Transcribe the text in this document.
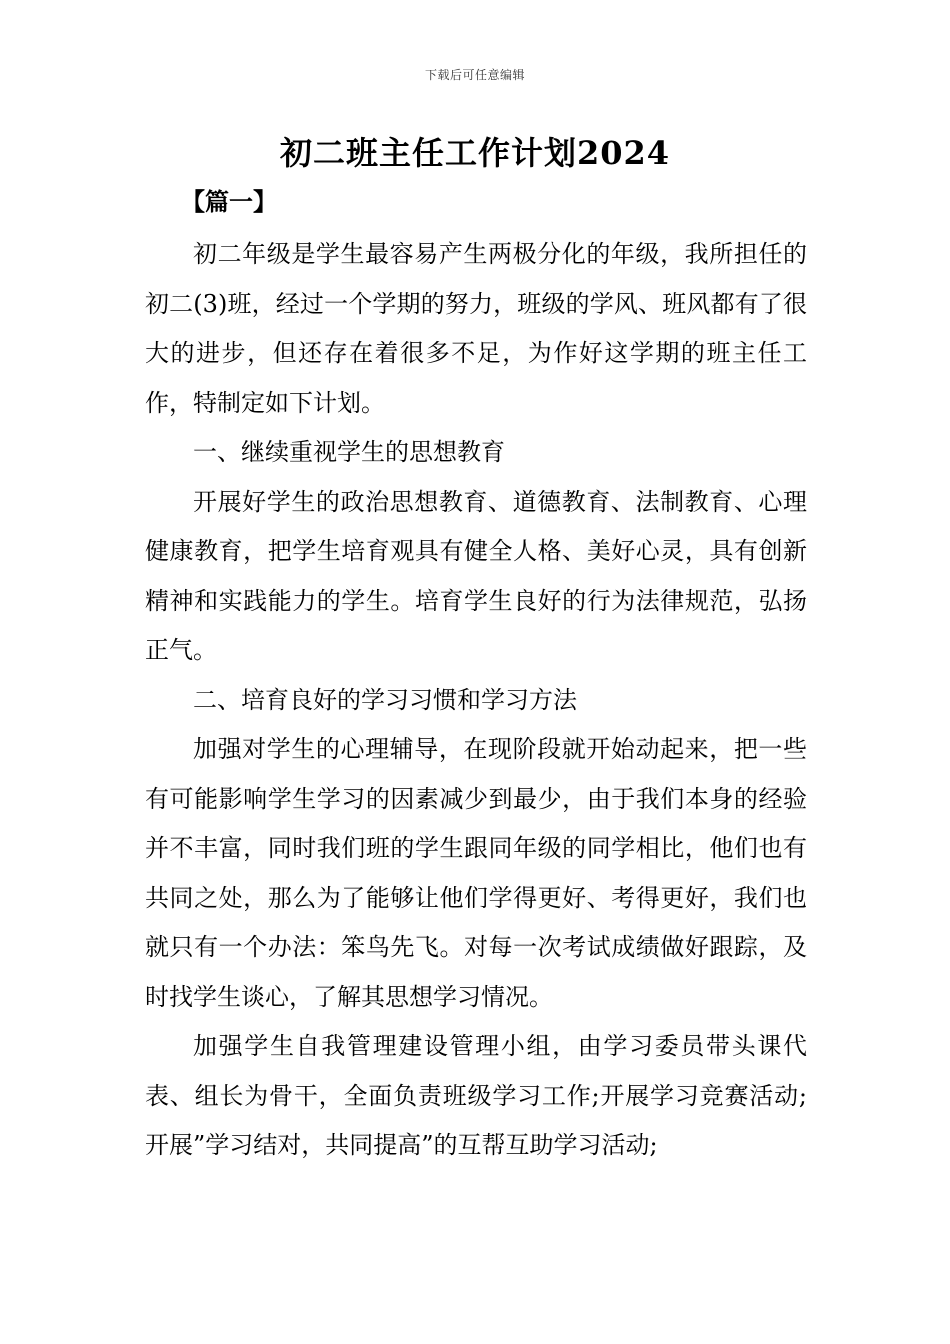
下载后可任意编辑
初二班主任工作计划2024

【篇一】

初二年级是学生最容易产生两极分化的年级，我所担任的初二(3)班，经过一个学期的努力，班级的学风、班风都有了很大的进步，但还存在着很多不足，为作好这学期的班主任工作，特制定如下计划。

一、继续重视学生的思想教育

开展好学生的政治思想教育、道德教育、法制教育、心理健康教育，把学生培育观具有健全人格、美好心灵，具有创新精神和实践能力的学生。培育学生良好的行为法律规范，弘扬正气。

二、培育良好的学习习惯和学习方法

加强对学生的心理辅导，在现阶段就开始动起来，把一些有可能影响学生学习的因素减少到最少，由于我们本身的经验并不丰富，同时我们班的学生跟同年级的同学相比，他们也有共同之处，那么为了能够让他们学得更好、考得更好，我们也就只有一个办法：笨鸟先飞。对每一次考试成绩做好跟踪，及时找学生谈心，了解其思想学习情况。

加强学生自我管理建设管理小组，由学习委员带头课代表、组长为骨干，全面负责班级学习工作;开展学习竞赛活动;开展”学习结对，共同提高”的互帮互助学习活动;
